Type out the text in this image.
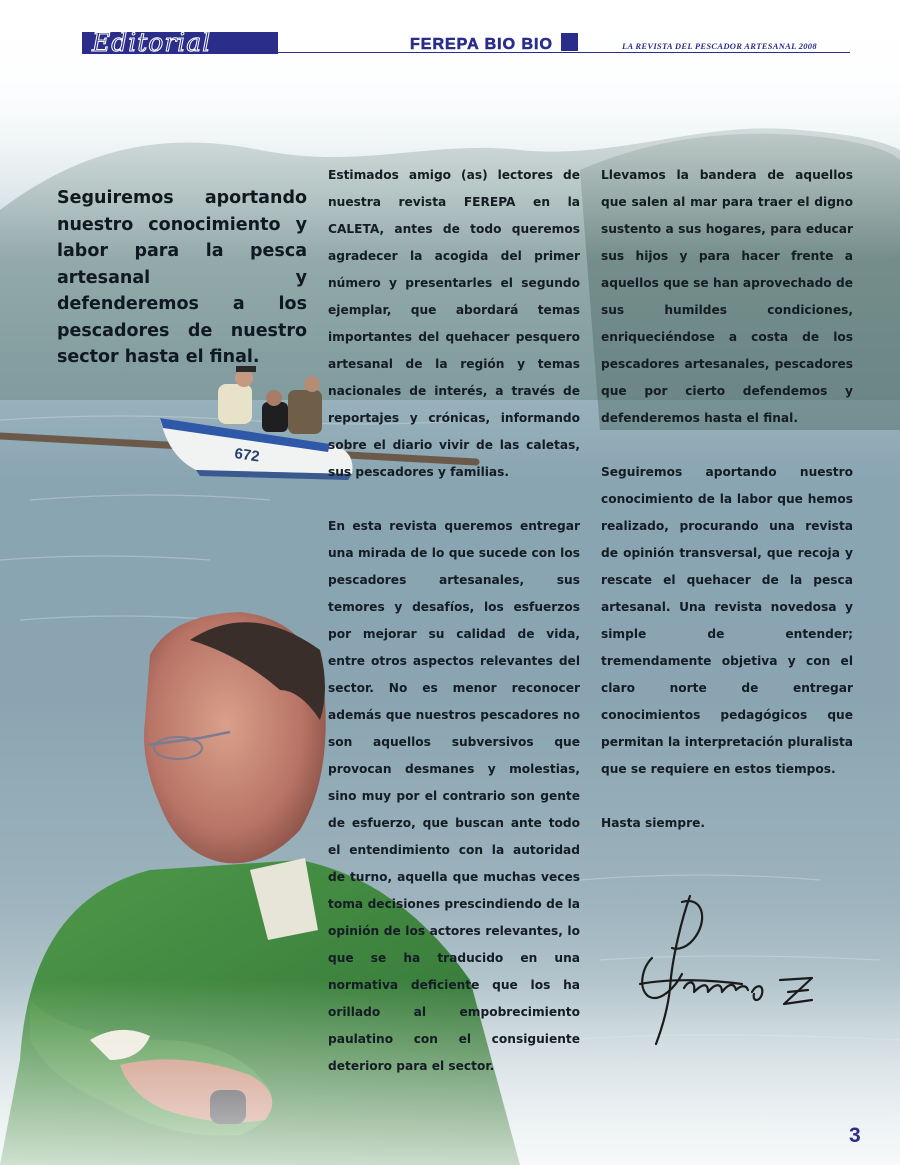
672
Editorial	FEREPA BIO BIO	LA REVISTA DEL PESCADOR ARTESANAL 2008
Seguiremos aportando nuestro conocimiento y labor para la pesca artesanal y defenderemos a los pescadores de nuestro sector hasta el final.

Estimados amigo (as) lectores de nuestra revista FEREPA en la CALETA, antes de todo queremos agradecer la acogida del primer número y presentarles el segundo ejemplar, que abordará temas importantes del quehacer pesquero artesanal de la región y temas nacionales de interés, a través de reportajes y crónicas, informando sobre el diario vivir de las caletas, sus pescadores y familias.

En esta revista queremos entregar una mirada de lo que sucede con los pescadores artesanales, sus temores y desafíos, los esfuerzos por mejorar su calidad de vida, entre otros aspectos relevantes del sector. No es menor reconocer además que nuestros pescadores no son aquellos subversivos que provocan desmanes y molestias, sino muy por el contrario son gente de esfuerzo, que buscan ante todo el entendimiento con la autoridad de turno, aquella que muchas veces toma decisiones prescindiendo de la opinión de los actores relevantes, lo que se ha traducido en una normativa deficiente que los ha orillado al empobrecimiento paulatino con el consiguiente deterioro para el sector.

Llevamos la bandera de aquellos que salen al mar para traer el digno sustento a sus hogares, para educar sus hijos y para hacer frente a aquellos que se han aprovechado de sus humildes condiciones, enriqueciéndose a costa de los pescadores artesanales, pescadores que por cierto defendemos y defenderemos hasta el final.

Seguiremos aportando nuestro conocimiento de la labor que hemos realizado, procurando una revista de opinión transversal, que recoja y rescate el quehacer de la pesca artesanal. Una revista novedosa y simple de entender; tremendamente objetiva y con el claro norte de entregar conocimientos pedagógicos que permitan la interpretación pluralista que se requiere en estos tiempos.

Hasta siempre.

3
